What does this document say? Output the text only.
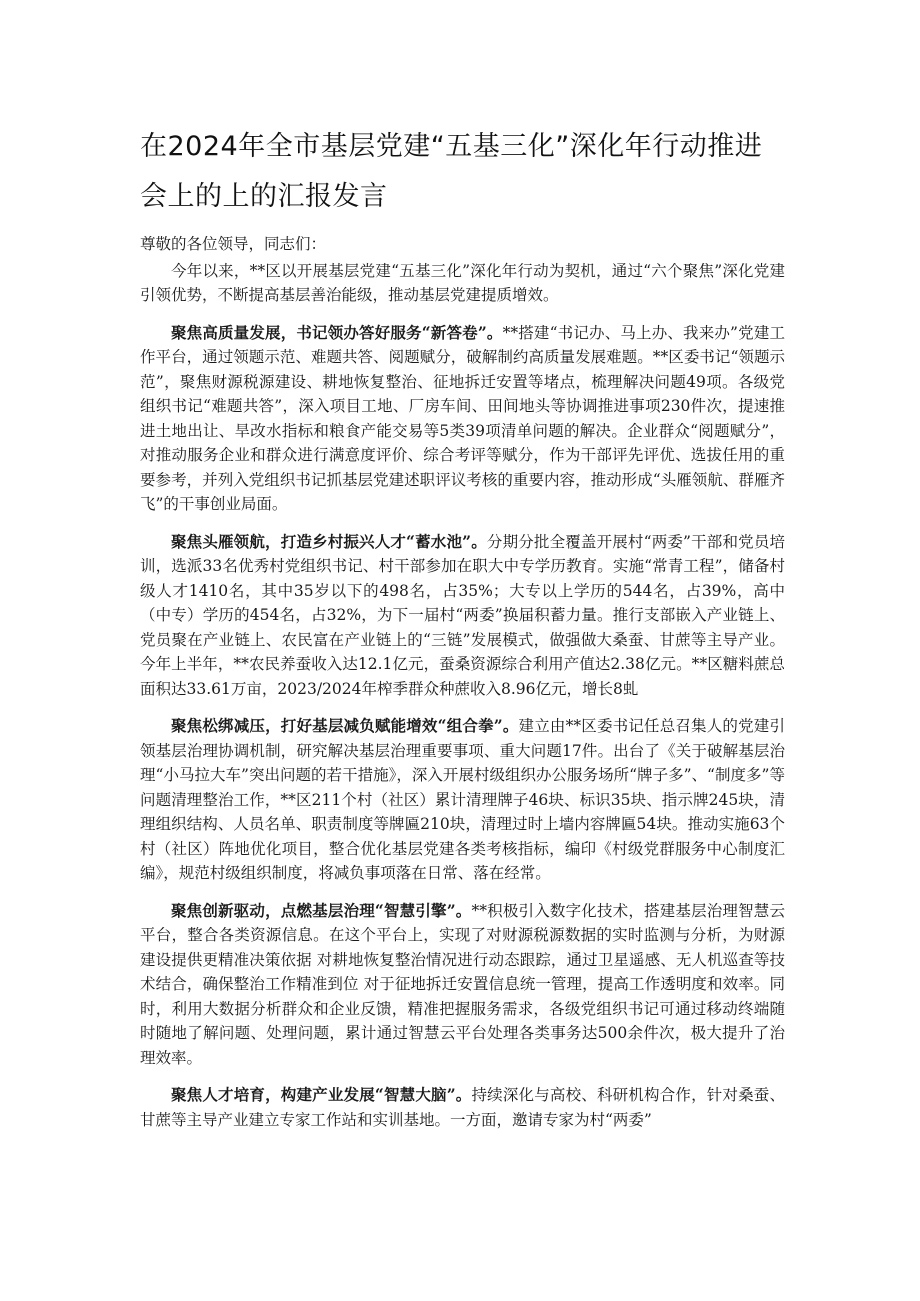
在2024年全市基层党建“五基三化”深化年行动推进会上的上的汇报发言

尊敬的各位领导，同志们：

今年以来，**区以开展基层党建“五基三化”深化年行动为契机，通过“六个聚焦”深化党建引领优势，不断提高基层善治能级，推动基层党建提质增效。

聚焦高质量发展，书记领办答好服务“新答卷”。**搭建“书记办、马上办、我来办”党建工作平台，通过领题示范、难题共答、阅题赋分，破解制约高质量发展难题。**区委书记“领题示范”，聚焦财源税源建设、耕地恢复整治、征地拆迁安置等堵点，梳理解决问题49项。各级党组织书记“难题共答”，深入项目工地、厂房车间、田间地头等协调推进事项230件次，提速推进土地出让、旱改水指标和粮食产能交易等5类39项清单问题的解决。企业群众“阅题赋分”，对推动服务企业和群众进行满意度评价、综合考评等赋分，作为干部评先评优、选拔任用的重要参考，并列入党组织书记抓基层党建述职评议考核的重要内容，推动形成“头雁领航、群雁齐飞”的干事创业局面。

聚焦头雁领航，打造乡村振兴人才“蓄水池”。分期分批全覆盖开展村“两委”干部和党员培训，选派33名优秀村党组织书记、村干部参加在职大中专学历教育。实施“常青工程”，储备村级人才1410名，其中35岁以下的498名，占35%；大专以上学历的544名，占39%，高中（中专）学历的454名，占32%，为下一届村“两委”换届积蓄力量。推行支部嵌入产业链上、党员聚在产业链上、农民富在产业链上的“三链”发展模式，做强做大桑蚕、甘蔗等主导产业。今年上半年，**农民养蚕收入达12.1亿元，蚕桑资源综合利用产值达2.38亿元。**区糖料蔗总面积达33.61万亩，2023/2024年榨季群众种蔗收入8.96亿元，增长8虬

聚焦松绑减压，打好基层减负赋能增效“组合拳”。建立由**区委书记任总召集人的党建引领基层治理协调机制，研究解决基层治理重要事项、重大问题17件。出台了《关于破解基层治理“小马拉大车”突出问题的若干措施》，深入开展村级组织办公服务场所“牌子多”、“制度多”等问题清理整治工作，**区211个村（社区）累计清理牌子46块、标识35块、指示牌245块，清理组织结构、人员名单、职责制度等牌匾210块，清理过时上墙内容牌匾54块。推动实施63个村（社区）阵地优化项目，整合优化基层党建各类考核指标，编印《村级党群服务中心制度汇编》，规范村级组织制度，将减负事项落在日常、落在经常。

聚焦创新驱动，点燃基层治理“智慧引擎”。**积极引入数字化技术，搭建基层治理智慧云平台，整合各类资源信息。在这个平台上，实现了对财源税源数据的实时监测与分析，为财源建设提供更精准决策依据 对耕地恢复整治情况进行动态跟踪，通过卫星遥感、无人机巡查等技术结合，确保整治工作精准到位 对于征地拆迁安置信息统一管理，提高工作透明度和效率。同时，利用大数据分析群众和企业反馈，精准把握服务需求，各级党组织书记可通过移动终端随时随地了解问题、处理问题，累计通过智慧云平台处理各类事务达500余件次，极大提升了治理效率。

聚焦人才培育，构建产业发展“智慧大脑”。持续深化与高校、科研机构合作，针对桑蚕、甘蔗等主导产业建立专家工作站和实训基地。一方面，邀请专家为村“两委”
